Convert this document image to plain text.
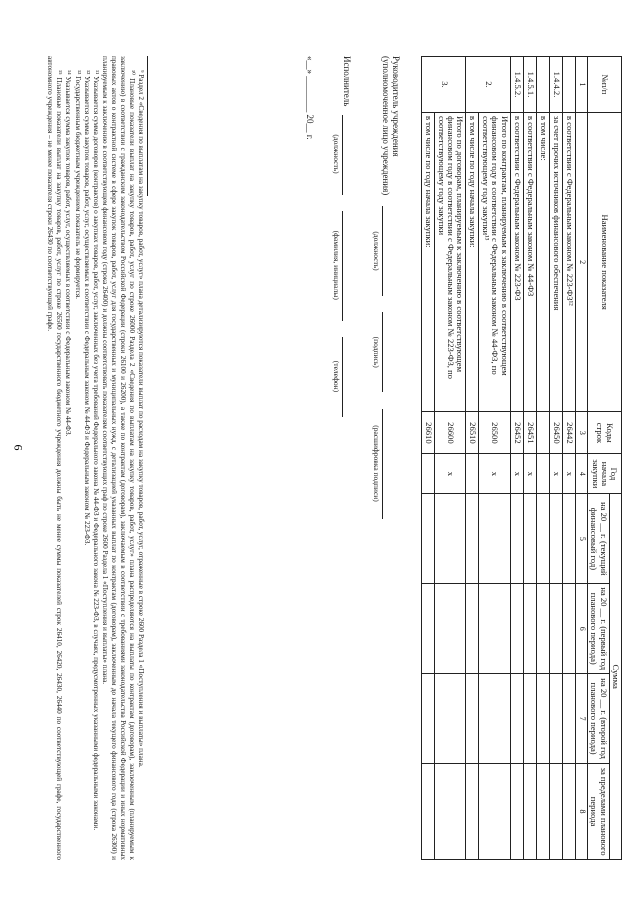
6
№п/п	Наименование показателя	Коды строк	Год начала закупки	Сумма			
				на 20 __ г. (текущий финансовый год)	на 20 __ г. (первый год планового периода)	на 20 __ г. (второй год планового периода)	за пределами планового периода
1	2	3	4	5	6	7	8
	в соответствии с Федеральным законом № 223-ФЗ¹²	26442	x				
1.4.4.2.	за счет прочих источников финансового обеспечения	26450	x				
	в том числе:						
1.4.5.1.	в соответствии с Федеральным законом № 44-ФЗ	26451	x				
1.4.5.2.	в соответствии с Федеральным законом № 223-ФЗ	26452	x				
2.	Итого по контрактам, планируемым к заключению в соответствующем финансовом году в соответствии с Федеральным законом № 44-ФЗ, по соответствующему году закупки¹³	26500	x				
	в том числе по году начала закупки:	26510					
3.	Итого по договорам, планируемым к заключению в соответствующем финансовом году в соответствии с Федеральным законом № 223-ФЗ, по соответствующему году закупки	26600	x				
	в том числе по году начала закупки:	26610					
Руководитель учреждения
(уполномоченное лицо учреждения)

(должность) (подпись) (расшифровка подписи)
Исполнитель
(должность) (фамилия, инициалы) (телефон)
«__» ________ 20__ г.

⁹ Раздел 2 «Сведения по выплатам на закупку товаров, работ, услуг» плана детализируются показатели выплат по расходам на закупку товаров, работ, услуг, отраженные в строке 2600 Раздела 1 «Поступления и выплаты» плана.

¹⁰ Плановые показатели выплат на закупку товаров, работ, услуг по строке 26000 Раздела 2 «Сведения по выплатам на закупку товаров, работ, услуг» плана распределяются на выплаты по контрактам (договорам), заключенным (планируемым к заключению) в соответствии с гражданским законодательством Российской Федерации (строки 26100 и 26200), а также по контрактам (договорам), заключаемым в соответствии с требованиями законодательства Российской Федерации и иных нормативных правовых актов о контрактной системе в сфере закупок товаров, работ, услуг для государственных и муниципальных нужд, с детализацией указанных выплат по контрактам (договорам), заключенным до начала текущего финансового года (строка 26300) и планируемым к заключению в соответствующем финансовом году (строка 26400) и должны соответствовать показателям соответствующих граф по строке 2600 Раздела 1 «Поступления и выплаты» плана.

¹¹ Указывается сумма договоров (контрактов) о закупках товаров, работ, услуг, заключенных без учета требований Федерального закона № 44-ФЗ и Федерального закона № 223-ФЗ, в случаях, предусмотренных указанными федеральными законами.

¹² Указывается сумма закупок товаров, работ, услуг, осуществляемых в соответствии с Федеральным законом № 44-ФЗ и Федеральным законом № 223-ФЗ.

¹³ Государственным бюджетным учреждением показатель не формируется.

¹⁴ Указывается сумма закупок товаров, работ, услуг, осуществляемых в соответствии с Федеральным законом № 44-ФЗ.

¹⁵ Плановые показатели выплат на закупку товаров, работ, услуг по строке 26500 государственного бюджетного учреждения должны быть не менее суммы показателей строк 26410, 26420, 26430, 26440 по соответствующей графе, государственного автономного учреждения – не менее показателя строки 26430 по соответствующей графе.
